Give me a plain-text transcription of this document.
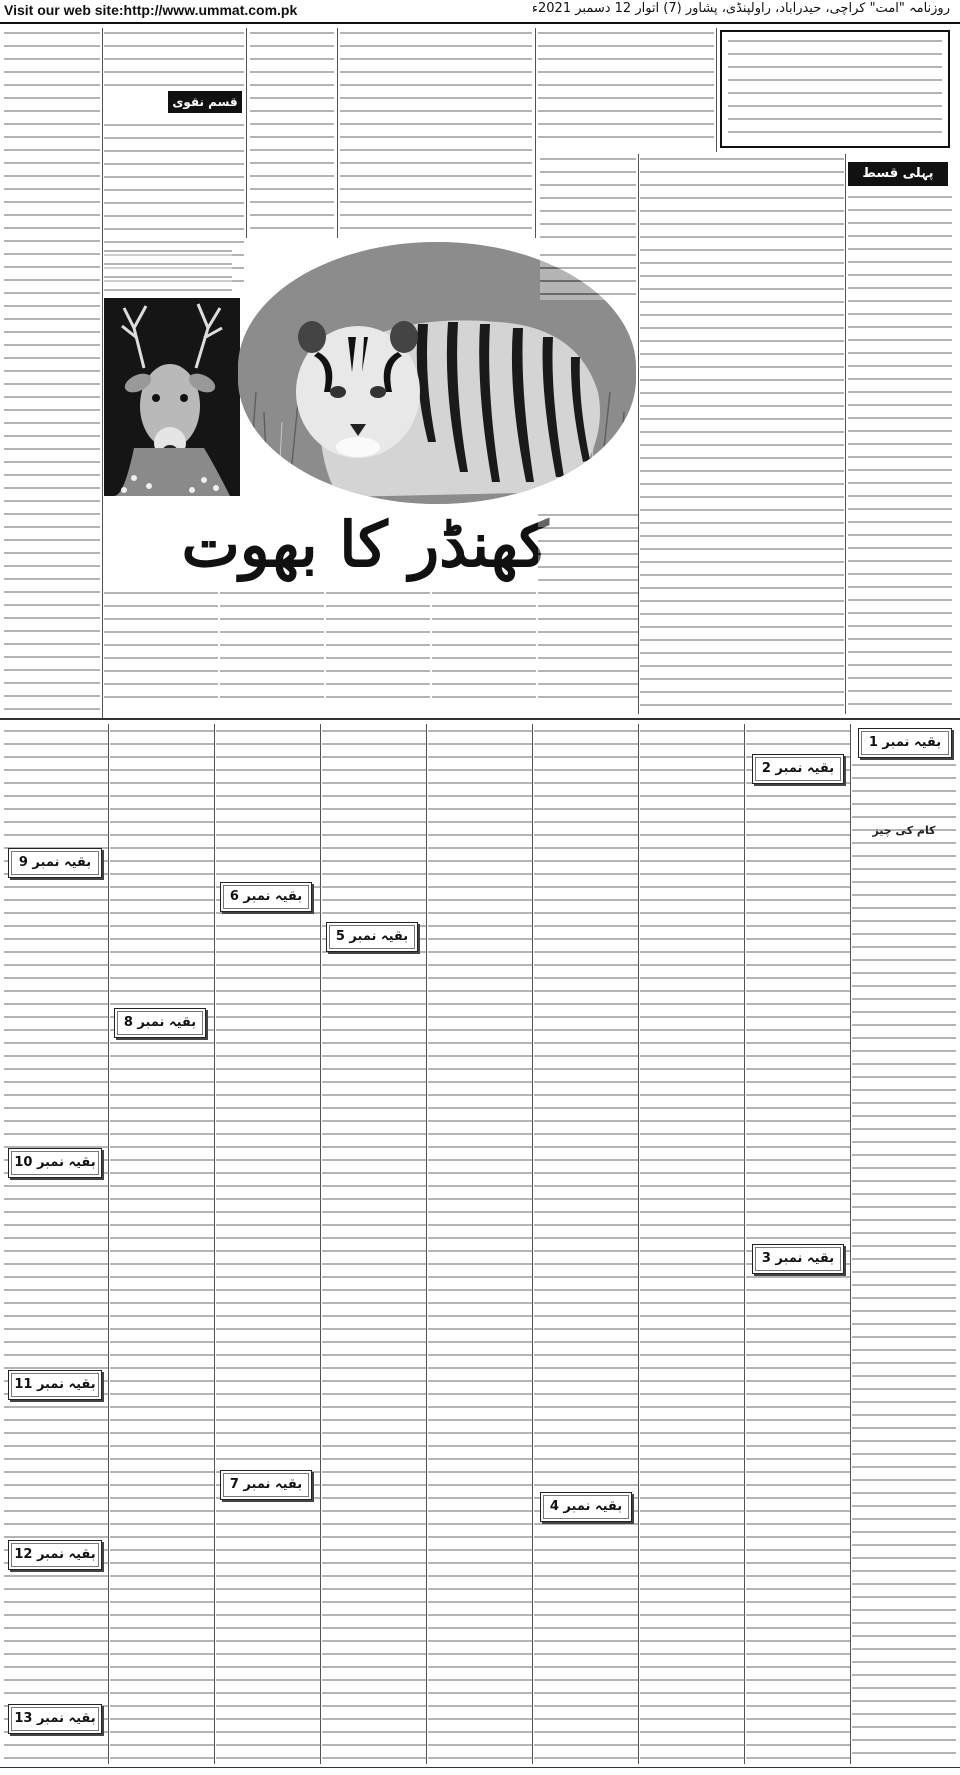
Visit our web site:http://www.ummat.com.pk	روزنامہ "امت" کراچی، حیدرآباد، راولپنڈی، پشاور (7) اتوار 12 دسمبر 2021ء
پہلی قسط
قسم نقوی
کھنڈر کا بھوت
بقیہ نمبر 1
بقیہ نمبر 2
بقیہ نمبر 3
بقیہ نمبر 4
بقیہ نمبر 5
بقیہ نمبر 6
بقیہ نمبر 7
بقیہ نمبر 8
بقیہ نمبر 9
بقیہ نمبر 10
بقیہ نمبر 11
بقیہ نمبر 12
بقیہ نمبر 13
کام کی چیز
